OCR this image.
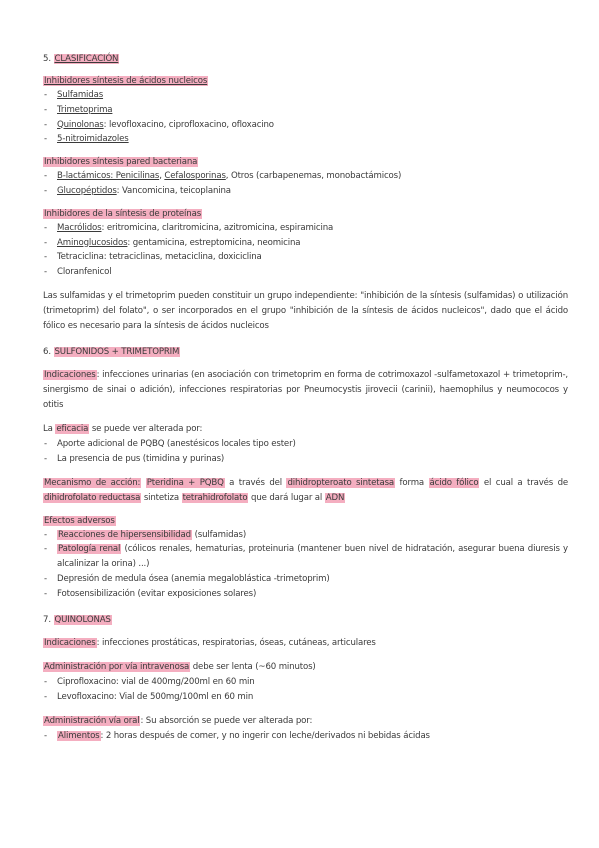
5. CLASIFICACIÓN

Inhibidores síntesis de ácidos nucleicos

- Sulfamidas

- Trimetoprima

- Quinolonas: levofloxacino, ciprofloxacino, ofloxacino

- 5-nitroimidazoles

Inhibidores síntesis pared bacteriana

- B-lactámicos: Penicilinas, Cefalosporinas, Otros (carbapenemas, monobactámicos)

- Glucopéptidos: Vancomicina, teicoplanina

Inhibidores de la síntesis de proteínas

- Macrólidos: eritromicina, claritromicina, azitromicina, espiramicina

- Aminoglucosidos: gentamicina, estreptomicina, neomicina

- Tetraciclina: tetraciclinas, metaciclina, doxiciclina

- Cloranfenicol

Las sulfamidas y el trimetoprim pueden constituir un grupo independiente: "inhibición de la síntesis (sulfamidas) o utilización (trimetoprim) del folato", o ser incorporados en el grupo "inhibición de la síntesis de ácidos nucleicos", dado que el ácido fólico es necesario para la síntesis de ácidos nucleicos

6. SULFONIDOS + TRIMETOPRIM

Indicaciones: infecciones urinarias (en asociación con trimetoprim en forma de cotrimoxazol -sulfametoxazol + trimetoprim-, sinergismo de sinai o adición), infecciones respiratorias por Pneumocystis jirovecii (carinii), haemophilus y neumococos y otitis

La eficacia se puede ver alterada por:

- Aporte adicional de PQBQ (anestésicos locales tipo ester)

- La presencia de pus (timidina y purinas)

Mecanismo de acción: Pteridina + PQBQ a través del dihidropteroato sintetasa forma ácido fólico el cual a través de dihidrofolato reductasa sintetiza tetrahidrofolato que dará lugar al ADN

Efectos adversos

- Reacciones de hipersensibilidad (sulfamidas)

- Patología renal (cólicos renales, hematurias, proteinuria (mantener buen nivel de hidratación, asegurar buena diuresis y alcalinizar la orina) ...)

- Depresión de medula ósea (anemia megaloblástica -trimetoprim)

- Fotosensibilización (evitar exposiciones solares)

7. QUINOLONAS

Indicaciones: infecciones prostáticas, respiratorias, óseas, cutáneas, articulares

Administración por vía intravenosa debe ser lenta (~60 minutos)

- Ciprofloxacino: vial de 400mg/200ml en 60 min

- Levofloxacino: Vial de 500mg/100ml en 60 min

Administración vía oral: Su absorción se puede ver alterada por:

- Alimentos: 2 horas después de comer, y no ingerir con leche/derivados ni bebidas ácidas
